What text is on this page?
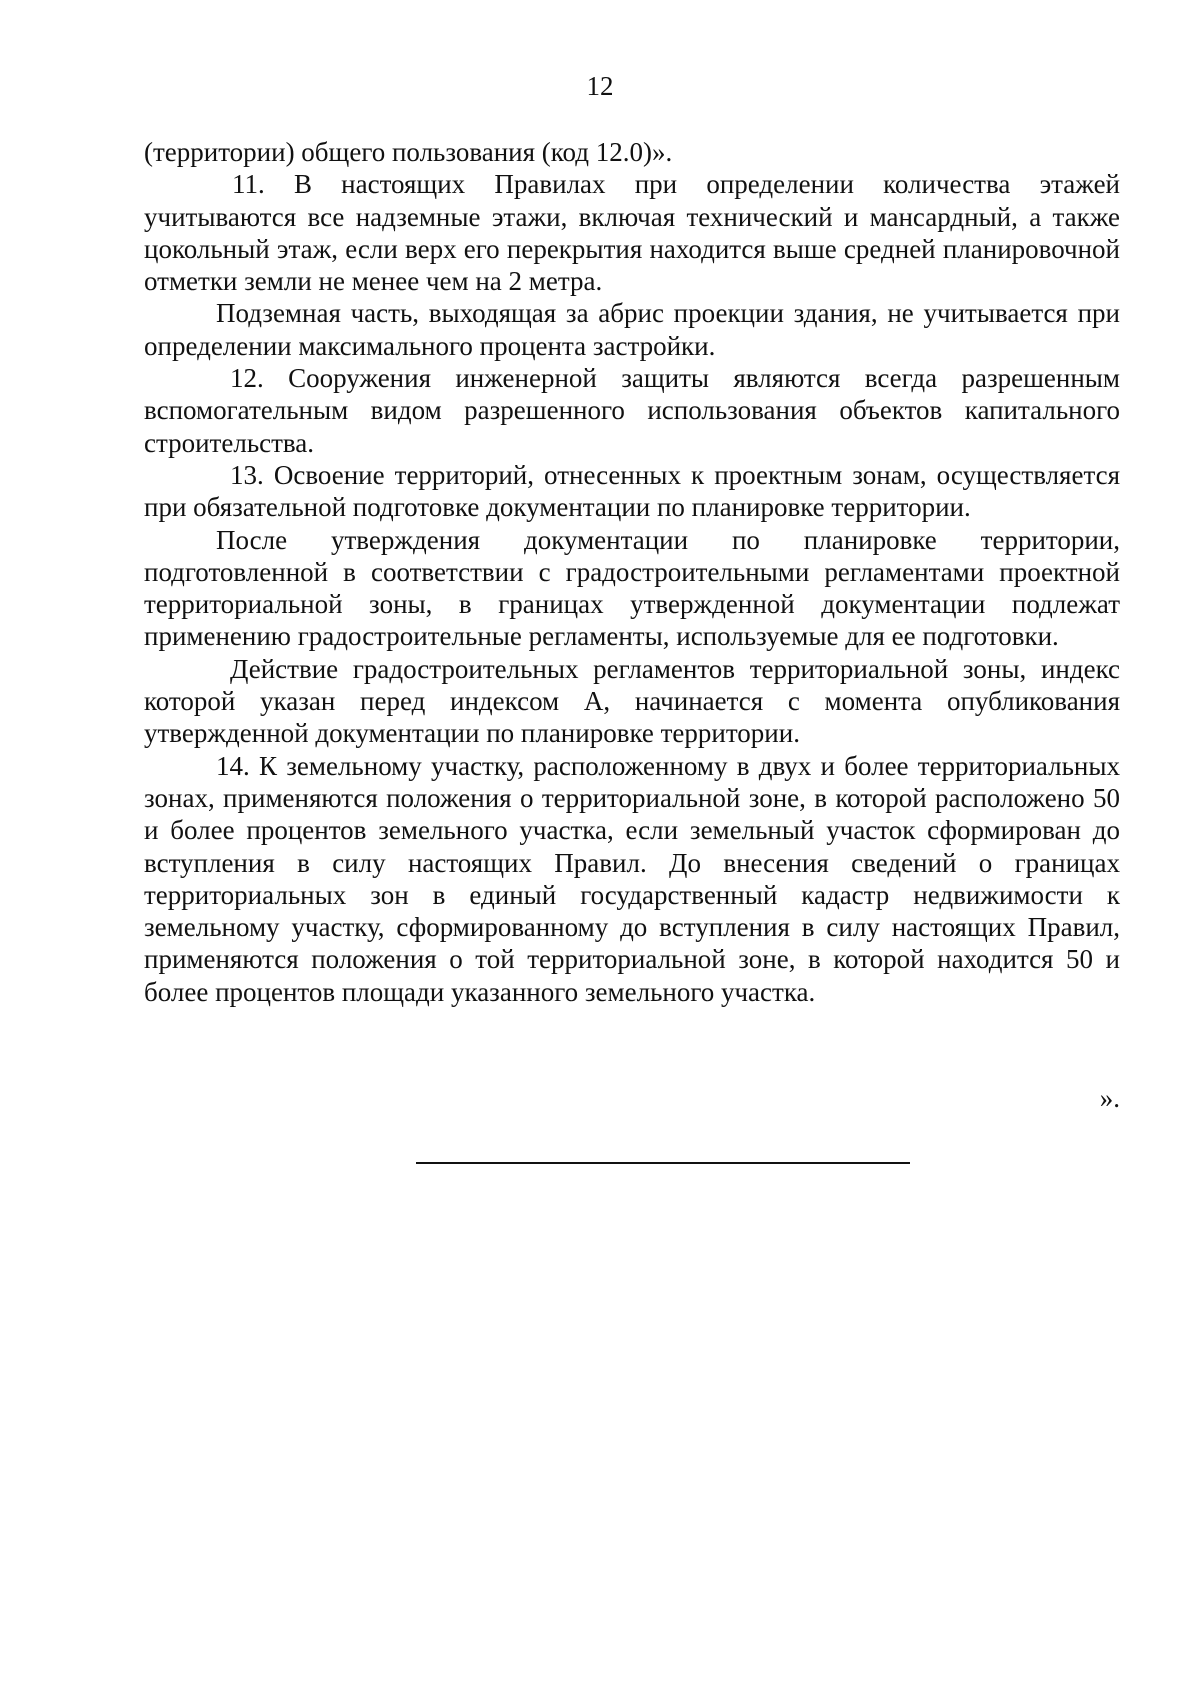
12

(территории) общего пользования (код 12.0)».

11. В настоящих Правилах при определении количества этажей учитываются все надземные этажи, включая технический и мансардный, а также цокольный этаж, если верх его перекрытия находится выше средней планировочной отметки земли не менее чем на 2 метра.

Подземная часть, выходящая за абрис проекции здания, не учитывается при определении максимального процента застройки.

12. Сооружения инженерной защиты являются всегда разрешенным вспомогательным видом разрешенного использования объектов капитального строительства.

13. Освоение территорий, отнесенных к проектным зонам, осуществляется при обязательной подготовке документации по планировке территории.

После утверждения документации по планировке территории, подготовленной в соответствии с градостроительными регламентами проектной территориальной зоны, в границах утвержденной документации подлежат применению градостроительные регламенты, используемые для ее подготовки.

Действие градостроительных регламентов территориальной зоны, индекс которой указан перед индексом А, начинается с момента опубликования утвержденной документации по планировке территории.

14. К земельному участку, расположенному в двух и более территориальных зонах, применяются положения о территориальной зоне, в которой расположено 50 и более процентов земельного участка, если земельный участок сформирован до вступления в силу настоящих Правил. До внесения сведений о границах территориальных зон в единый государственный кадастр недвижимости к земельному участку, сформированному до вступления в силу настоящих Правил, применяются положения о той территориальной зоне, в которой находится 50 и более процентов площади указанного земельного участка.

».
